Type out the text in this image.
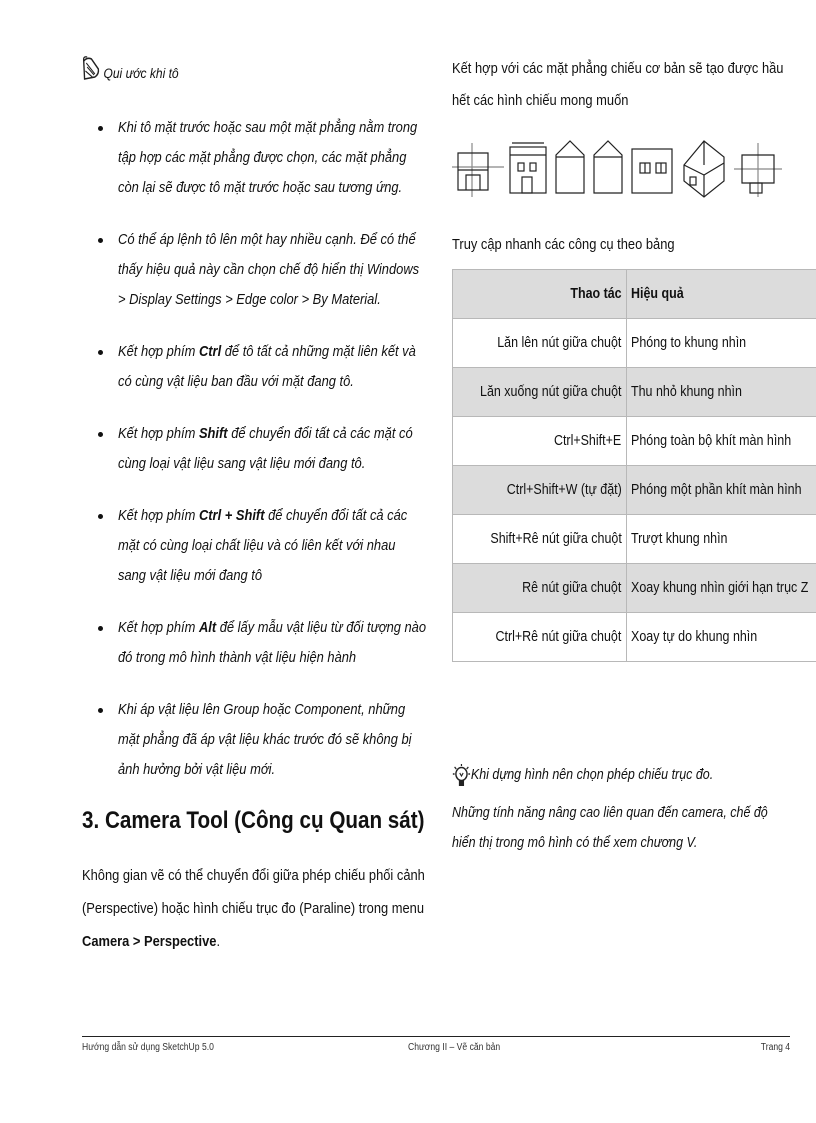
Qui ước khi tô
Khi tô mặt trước hoặc sau một mặt phẳng nằm trong tập hợp các mặt phẳng được chọn, các mặt phẳng còn lại sẽ được tô mặt trước hoặc sau tương ứng.
Có thể áp lệnh tô lên một hay nhiều cạnh. Để có thể thấy hiệu quả này cần chọn chế độ hiển thị Windows > Display Settings > Edge color > By Material.
Kết hợp phím Ctrl để tô tất cả những mặt liên kết và có cùng vật liệu ban đầu với mặt đang tô.
Kết hợp phím Shift để chuyển đổi tất cả các mặt có cùng loại vật liệu sang vật liệu mới đang tô.
Kết hợp phím Ctrl + Shift để chuyển đổi tất cả các mặt có cùng loại chất liệu và có liên kết với nhau sang vật liệu mới đang tô
Kết hợp phím Alt để lấy mẫu vật liệu từ đối tượng nào đó trong mô hình thành vật liệu hiện hành
Khi áp vật liệu lên Group hoặc Component, những mặt phẳng đã áp vật liệu khác trước đó sẽ không bị ảnh hưởng bởi vật liệu mới.
3. Camera Tool (Công cụ Quan sát)
Không gian vẽ có thể chuyển đổi giữa phép chiếu phối cảnh (Perspective) hoặc hình chiếu trục đo (Paraline) trong menu Camera > Perspective.
Kết hợp với các mặt phẳng chiếu cơ bản sẽ tạo được hầu hết các hình chiếu mong muốn
Truy cập nhanh các công cụ theo bảng
Thao tác	Hiệu quả
Lăn lên nút giữa chuột	Phóng to khung nhìn
Lăn xuống nút giữa chuột	Thu nhỏ khung nhìn
Ctrl+Shift+E	Phóng toàn bộ khít màn hình
Ctrl+Shift+W (tự đặt)	Phóng một phần khít màn hình
Shift+Rê nút giữa chuột	Trượt khung nhìn
Rê nút giữa chuột	Xoay khung nhìn giới hạn trục Z
Ctrl+Rê nút giữa chuột	Xoay tự do khung nhìn
Khi dựng hình nên chọn phép chiếu trục đo.
Những tính năng nâng cao liên quan đến camera, chế độ
hiển thị trong mô hình có thể xem chương V.
Hướng dẫn sử dụng SketchUp 5.0	Chương II – Vẽ căn bản	Trang 4
